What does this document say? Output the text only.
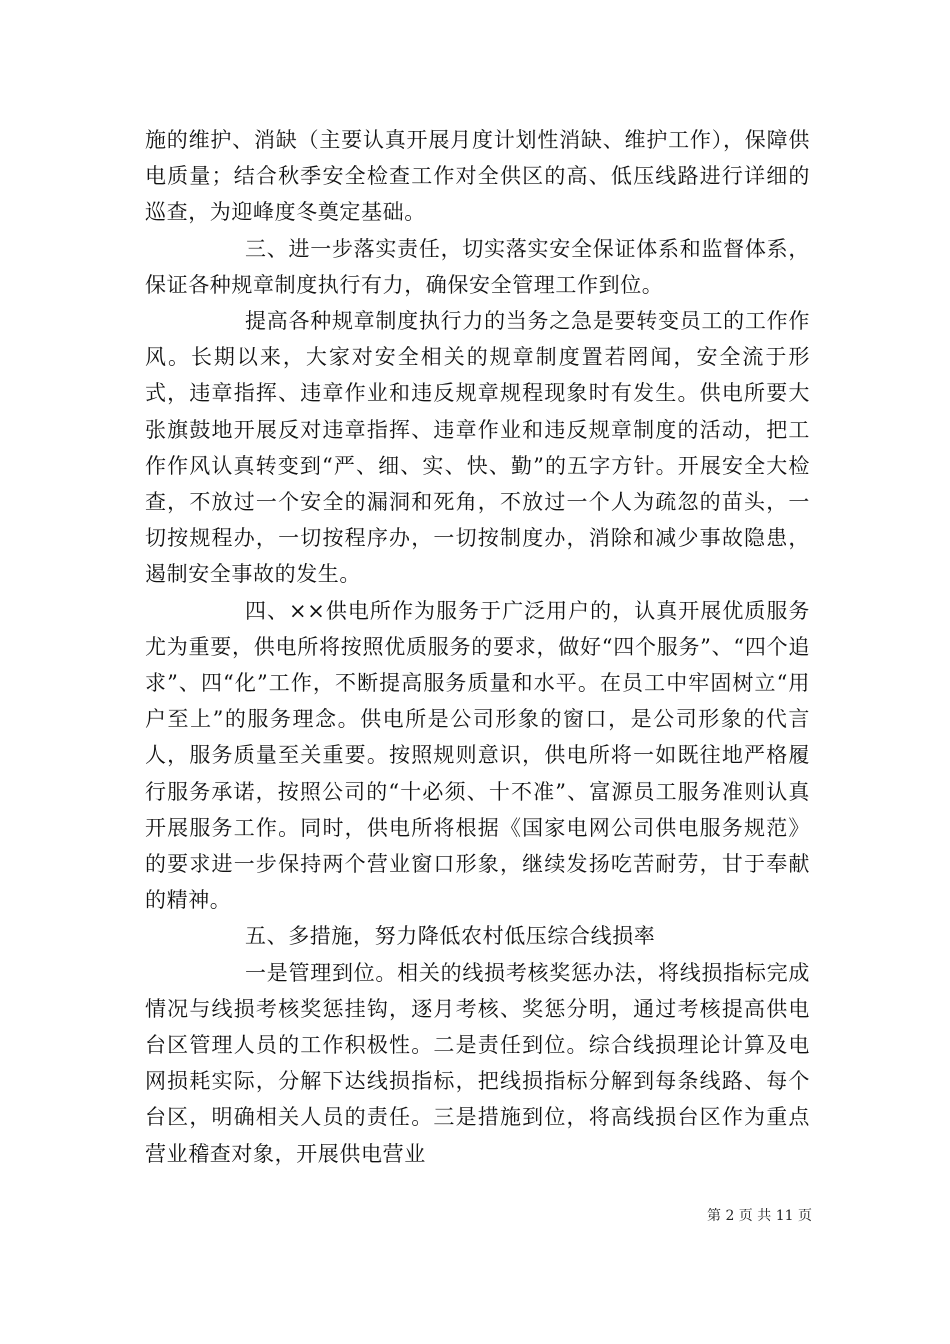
施的维护、消缺（主要认真开展月度计划性消缺、维护工作），保障供电质量；结合秋季安全检查工作对全供区的高、低压线路进行详细的巡查，为迎峰度冬奠定基础。

三、进一步落实责任，切实落实安全保证体系和监督体系，保证各种规章制度执行有力，确保安全管理工作到位。

提高各种规章制度执行力的当务之急是要转变员工的工作作风。长期以来，大家对安全相关的规章制度置若罔闻，安全流于形式，违章指挥、违章作业和违反规章规程现象时有发生。供电所要大张旗鼓地开展反对违章指挥、违章作业和违反规章制度的活动，把工作作风认真转变到“严、细、实、快、勤”的五字方针。开展安全大检查，不放过一个安全的漏洞和死角，不放过一个人为疏忽的苗头，一切按规程办，一切按程序办，一切按制度办，消除和减少事故隐患，遏制安全事故的发生。

四、××供电所作为服务于广泛用户的，认真开展优质服务尤为重要，供电所将按照优质服务的要求，做好“四个服务”、“四个追求”、四“化”工作，不断提高服务质量和水平。在员工中牢固树立“用户至上”的服务理念。供电所是公司形象的窗口，是公司形象的代言人，服务质量至关重要。按照规则意识，供电所将一如既往地严格履行服务承诺，按照公司的“十必须、十不准”、富源员工服务准则认真开展服务工作。同时，供电所将根据《国家电网公司供电服务规范》的要求进一步保持两个营业窗口形象，继续发扬吃苦耐劳，甘于奉献的精神。

五、多措施，努力降低农村低压综合线损率

一是管理到位。相关的线损考核奖惩办法，将线损指标完成情况与线损考核奖惩挂钩，逐月考核、奖惩分明，通过考核提高供电台区管理人员的工作积极性。二是责任到位。综合线损理论计算及电网损耗实际，分解下达线损指标，把线损指标分解到每条线路、每个台区，明确相关人员的责任。三是措施到位，将高线损台区作为重点营业稽查对象，开展供电营业

第 2 页 共 11 页
